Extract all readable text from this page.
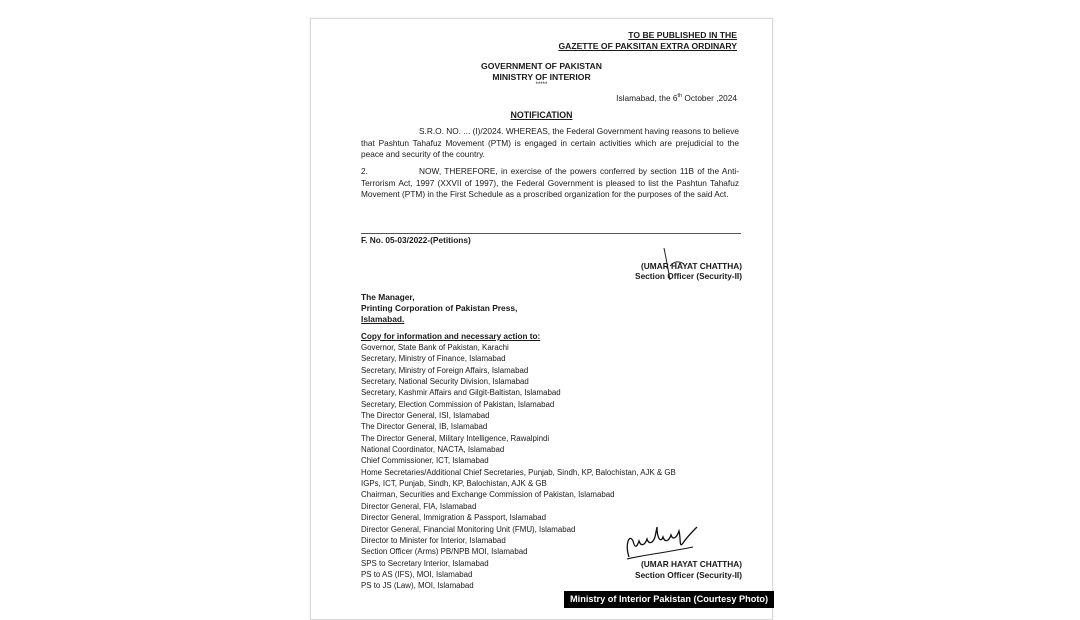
TO BE PUBLISHED IN THE
GAZETTE OF PAKSITAN EXTRA ORDINARY
GOVERNMENT OF PAKISTAN
MINISTRY OF INTERIOR
*****
Islamabad, the 6th October ,2024
NOTIFICATION

S.R.O. NO. ... (I)/2024. WHEREAS, the Federal Government having reasons to believe that Pashtun Tahafuz Movement (PTM) is engaged in certain activities which are prejudicial to the peace and security of the country.

2.	NOW, THEREFORE, in exercise of the powers conferred by section 11B of the Anti-Terrorism Act, 1997 (XXVII of 1997), the Federal Government is pleased to list the Pashtun Tahafuz Movement (PTM) in the First Schedule as a proscribed organization for the purposes of the said Act.

F. No. 05-03/2022-(Petitions)
(UMAR HAYAT CHATTHA)
Section Officer (Security-II)
The Manager,
Printing Corporation of Pakistan Press,
Islamabad.
Copy for information and necessary action to:
Governor, State Bank of Pakistan, Karachi
Secretary, Ministry of Finance, Islamabad
Secretary, Ministry of Foreign Affairs, Islamabad
Secretary, National Security Division, Islamabad
Secretary, Kashmir Affairs and Gilgit-Baltistan, Islamabad
Secretary, Election Commission of Pakistan, Islamabad
The Director General, ISI, Islamabad
The Director General, IB, Islamabad
The Director General, Military Intelligence, Rawalpindi
National Coordinator, NACTA, Islamabad
Chief Commissioner, ICT, Islamabad
Home Secretaries/Additional Chief Secretaries, Punjab, Sindh, KP, Balochistan, AJK & GB
IGPs, ICT, Punjab, Sindh, KP, Balochistan, AJK & GB
Chairman, Securities and Exchange Commission of Pakistan, Islamabad
Director General, FIA, Islamabad
Director General, Immigration & Passport, Islamabad
Director General, Financial Monitoring Unit (FMU), Islamabad
Director to Minister for Interior, Islamabad
Section Officer (Arms) PB/NPB MOI, Islamabad
SPS to Secretary Interior, Islamabad
PS to AS (IFS), MOI, Islamabad
PS to JS (Law), MOI, Islamabad
(UMAR HAYAT CHATTHA)
Section Officer (Security-II)
Ministry of Interior Pakistan (Courtesy Photo)
